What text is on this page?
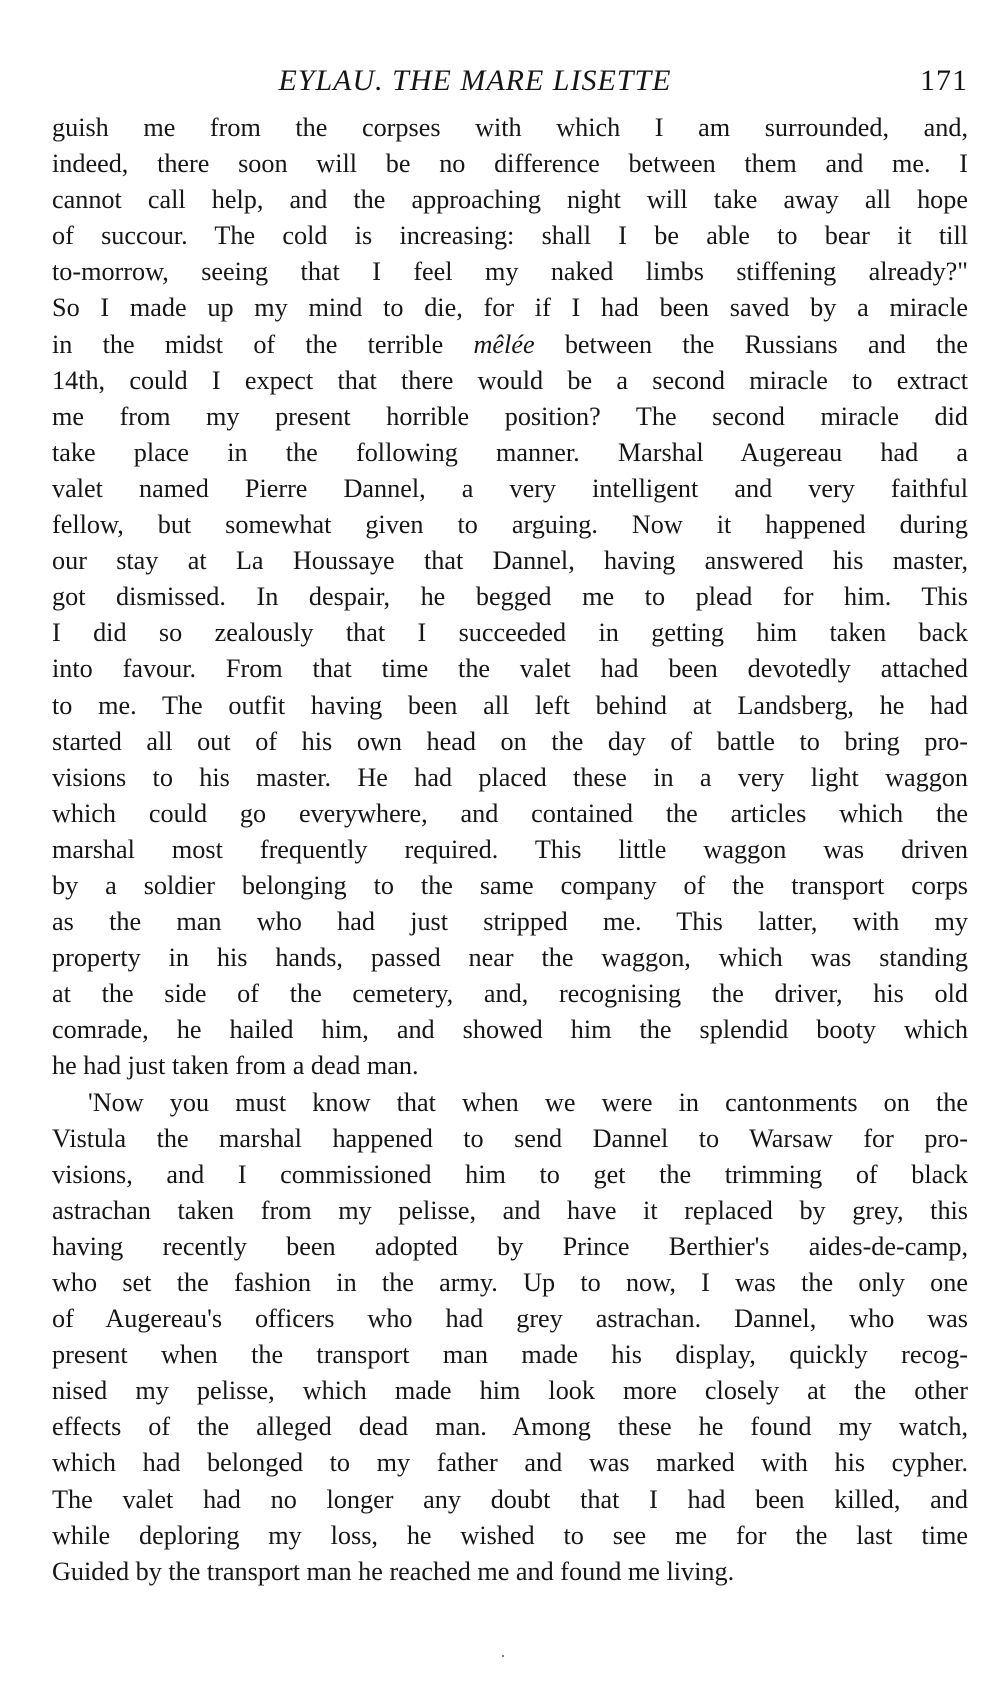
EYLAU. THE MARE LISETTE	171
guish me from the corpses with which I am surrounded, and,
indeed, there soon will be no difference between them and me. I
cannot call help, and the approaching night will take away all hope
of succour. The cold is increasing: shall I be able to bear it till
to-morrow, seeing that I feel my naked limbs stiffening already?"
So I made up my mind to die, for if I had been saved by a miracle
in the midst of the terrible mêlée between the Russians and the
14th, could I expect that there would be a second miracle to extract
me from my present horrible position? The second miracle did
take place in the following manner. Marshal Augereau had a
valet named Pierre Dannel, a very intelligent and very faithful
fellow, but somewhat given to arguing. Now it happened during
our stay at La Houssaye that Dannel, having answered his master,
got dismissed. In despair, he begged me to plead for him. This
I did so zealously that I succeeded in getting him taken back
into favour. From that time the valet had been devotedly attached
to me. The outfit having been all left behind at Landsberg, he had
started all out of his own head on the day of battle to bring pro-
visions to his master. He had placed these in a very light waggon
which could go everywhere, and contained the articles which the
marshal most frequently required. This little waggon was driven
by a soldier belonging to the same company of the transport corps
as the man who had just stripped me. This latter, with my
property in his hands, passed near the waggon, which was standing
at the side of the cemetery, and, recognising the driver, his old
comrade, he hailed him, and showed him the splendid booty which
he had just taken from a dead man.
'Now you must know that when we were in cantonments on the
Vistula the marshal happened to send Dannel to Warsaw for pro-
visions, and I commissioned him to get the trimming of black
astrachan taken from my pelisse, and have it replaced by grey, this
having recently been adopted by Prince Berthier's aides-de-camp,
who set the fashion in the army. Up to now, I was the only one
of Augereau's officers who had grey astrachan. Dannel, who was
present when the transport man made his display, quickly recog-
nised my pelisse, which made him look more closely at the other
effects of the alleged dead man. Among these he found my watch,
which had belonged to my father and was marked with his cypher.
The valet had no longer any doubt that I had been killed, and
while deploring my loss, he wished to see me for the last time
Guided by the transport man he reached me and found me living.
